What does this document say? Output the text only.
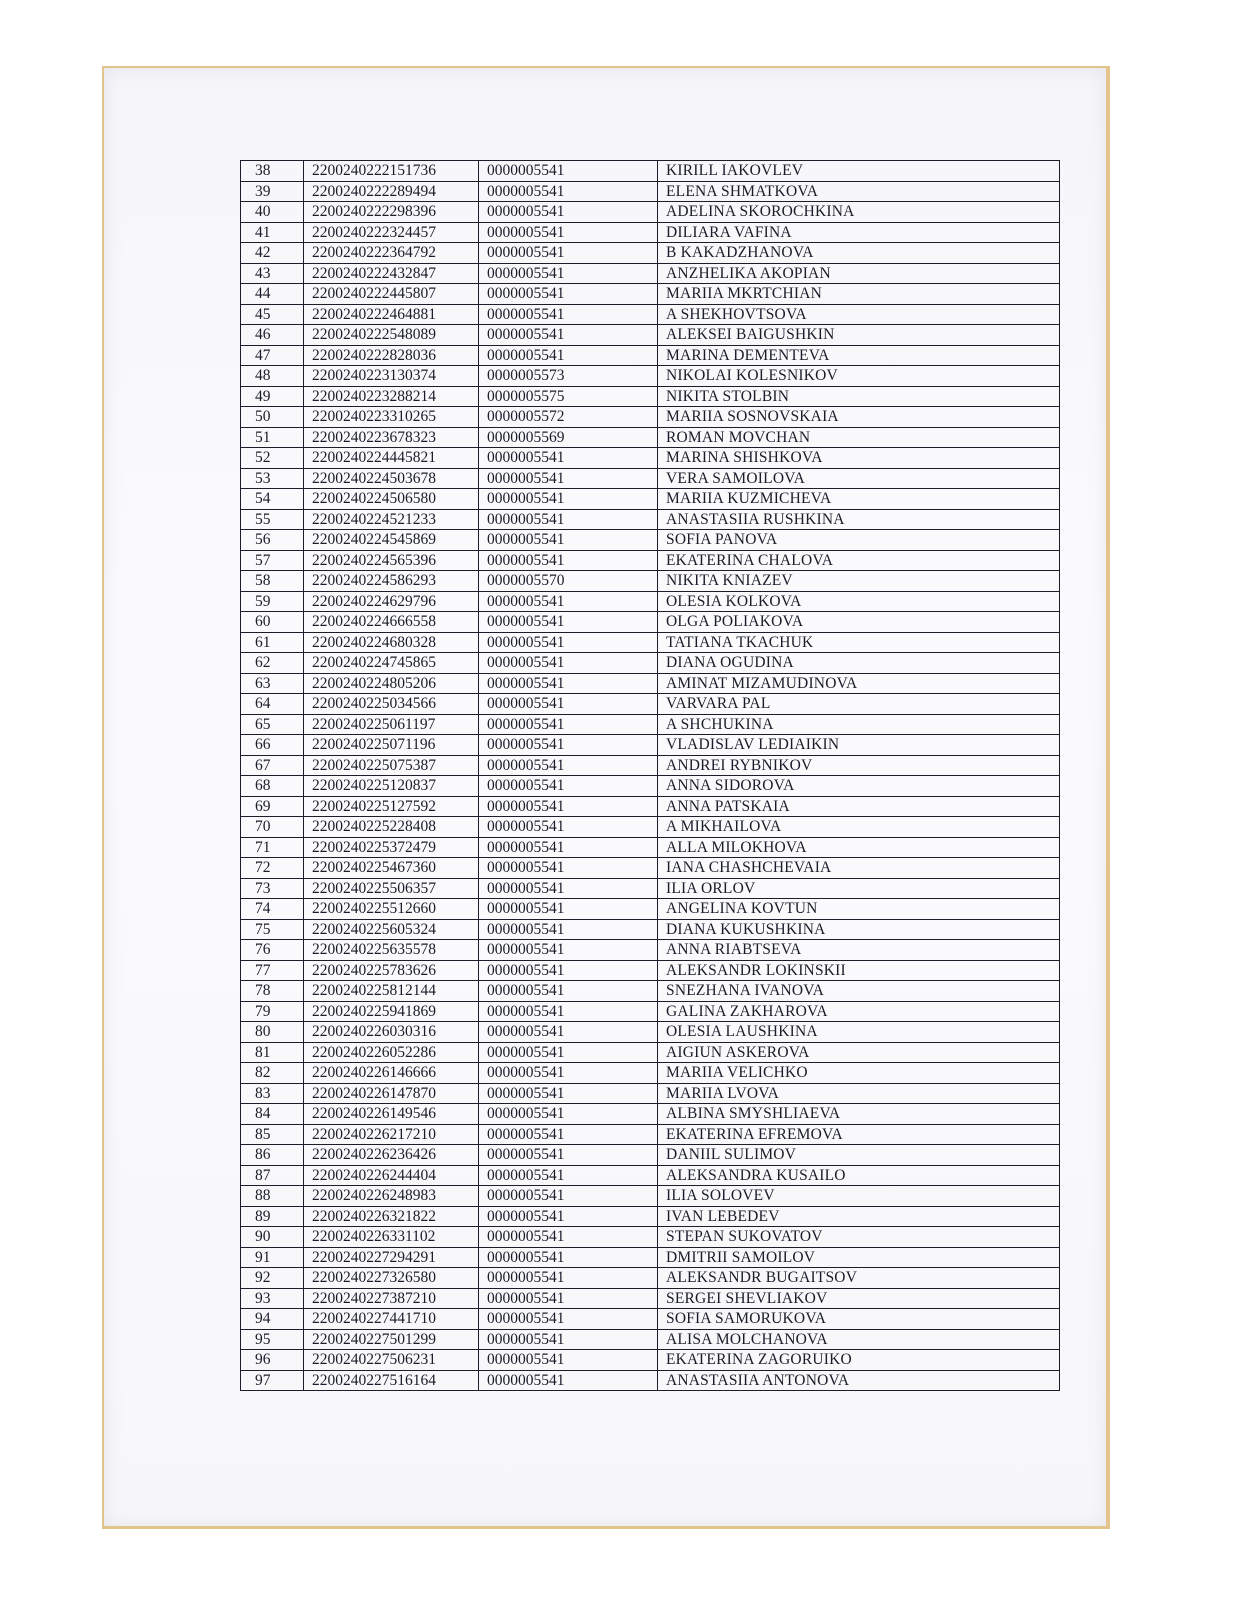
38	2200240222151736	0000005541	KIRILL IAKOVLEV
39	2200240222289494	0000005541	ELENA SHMATKOVA
40	2200240222298396	0000005541	ADELINA SKOROCHKINA
41	2200240222324457	0000005541	DILIARA VAFINA
42	2200240222364792	0000005541	B KAKADZHANOVA
43	2200240222432847	0000005541	ANZHELIKA AKOPIAN
44	2200240222445807	0000005541	MARIIA MKRTCHIAN
45	2200240222464881	0000005541	A SHEKHOVTSOVA
46	2200240222548089	0000005541	ALEKSEI BAIGUSHKIN
47	2200240222828036	0000005541	MARINA DEMENTEVA
48	2200240223130374	0000005573	NIKOLAI KOLESNIKOV
49	2200240223288214	0000005575	NIKITA STOLBIN
50	2200240223310265	0000005572	MARIIA SOSNOVSKAIA
51	2200240223678323	0000005569	ROMAN MOVCHAN
52	2200240224445821	0000005541	MARINA SHISHKOVA
53	2200240224503678	0000005541	VERA SAMOILOVA
54	2200240224506580	0000005541	MARIIA KUZMICHEVA
55	2200240224521233	0000005541	ANASTASIIA RUSHKINA
56	2200240224545869	0000005541	SOFIA PANOVA
57	2200240224565396	0000005541	EKATERINA CHALOVA
58	2200240224586293	0000005570	NIKITA KNIAZEV
59	2200240224629796	0000005541	OLESIA KOLKOVA
60	2200240224666558	0000005541	OLGA POLIAKOVA
61	2200240224680328	0000005541	TATIANA TKACHUK
62	2200240224745865	0000005541	DIANA OGUDINA
63	2200240224805206	0000005541	AMINAT MIZAMUDINOVA
64	2200240225034566	0000005541	VARVARA PAL
65	2200240225061197	0000005541	A SHCHUKINA
66	2200240225071196	0000005541	VLADISLAV LEDIAIKIN
67	2200240225075387	0000005541	ANDREI RYBNIKOV
68	2200240225120837	0000005541	ANNA SIDOROVA
69	2200240225127592	0000005541	ANNA PATSKAIA
70	2200240225228408	0000005541	A MIKHAILOVA
71	2200240225372479	0000005541	ALLA MILOKHOVA
72	2200240225467360	0000005541	IANA CHASHCHEVAIA
73	2200240225506357	0000005541	ILIA ORLOV
74	2200240225512660	0000005541	ANGELINA KOVTUN
75	2200240225605324	0000005541	DIANA KUKUSHKINA
76	2200240225635578	0000005541	ANNA RIABTSEVA
77	2200240225783626	0000005541	ALEKSANDR LOKINSKII
78	2200240225812144	0000005541	SNEZHANA IVANOVA
79	2200240225941869	0000005541	GALINA ZAKHAROVA
80	2200240226030316	0000005541	OLESIA LAUSHKINA
81	2200240226052286	0000005541	AIGIUN ASKEROVA
82	2200240226146666	0000005541	MARIIA VELICHKO
83	2200240226147870	0000005541	MARIIA LVOVA
84	2200240226149546	0000005541	ALBINA SMYSHLIAEVA
85	2200240226217210	0000005541	EKATERINA EFREMOVA
86	2200240226236426	0000005541	DANIIL SULIMOV
87	2200240226244404	0000005541	ALEKSANDRA KUSAILO
88	2200240226248983	0000005541	ILIA SOLOVEV
89	2200240226321822	0000005541	IVAN LEBEDEV
90	2200240226331102	0000005541	STEPAN SUKOVATOV
91	2200240227294291	0000005541	DMITRII SAMOILOV
92	2200240227326580	0000005541	ALEKSANDR BUGAITSOV
93	2200240227387210	0000005541	SERGEI SHEVLIAKOV
94	2200240227441710	0000005541	SOFIA SAMORUKOVA
95	2200240227501299	0000005541	ALISA MOLCHANOVA
96	2200240227506231	0000005541	EKATERINA ZAGORUIKO
97	2200240227516164	0000005541	ANASTASIIA ANTONOVA
